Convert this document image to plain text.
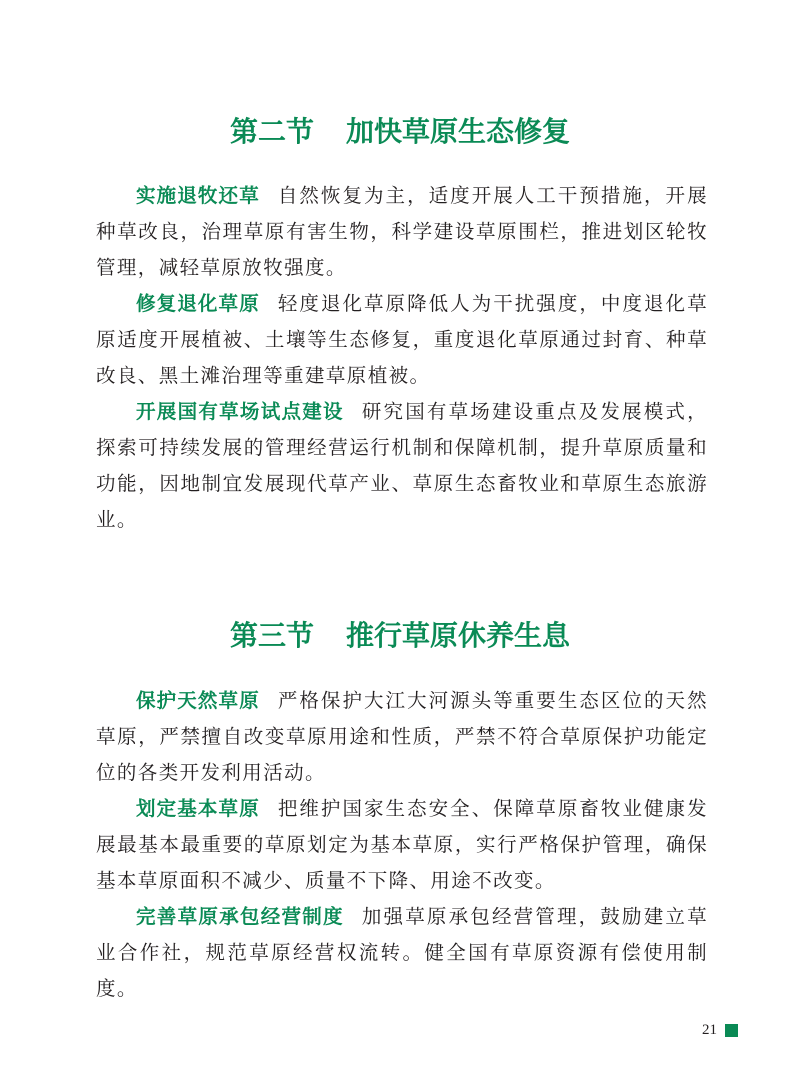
第二节 加快草原生态修复

实施退牧还草 自然恢复为主，适度开展人工干预措施，开展种草改良，治理草原有害生物，科学建设草原围栏，推进划区轮牧管理，减轻草原放牧强度。

修复退化草原 轻度退化草原降低人为干扰强度，中度退化草原适度开展植被、土壤等生态修复，重度退化草原通过封育、种草改良、黑土滩治理等重建草原植被。

开展国有草场试点建设 研究国有草场建设重点及发展模式，探索可持续发展的管理经营运行机制和保障机制，提升草原质量和功能，因地制宜发展现代草产业、草原生态畜牧业和草原生态旅游业。

第三节 推行草原休养生息

保护天然草原 严格保护大江大河源头等重要生态区位的天然草原，严禁擅自改变草原用途和性质，严禁不符合草原保护功能定位的各类开发利用活动。

划定基本草原 把维护国家生态安全、保障草原畜牧业健康发展最基本最重要的草原划定为基本草原，实行严格保护管理，确保基本草原面积不减少、质量不下降、用途不改变。

完善草原承包经营制度 加强草原承包经营管理，鼓励建立草业合作社，规范草原经营权流转。健全国有草原资源有偿使用制度。

21
